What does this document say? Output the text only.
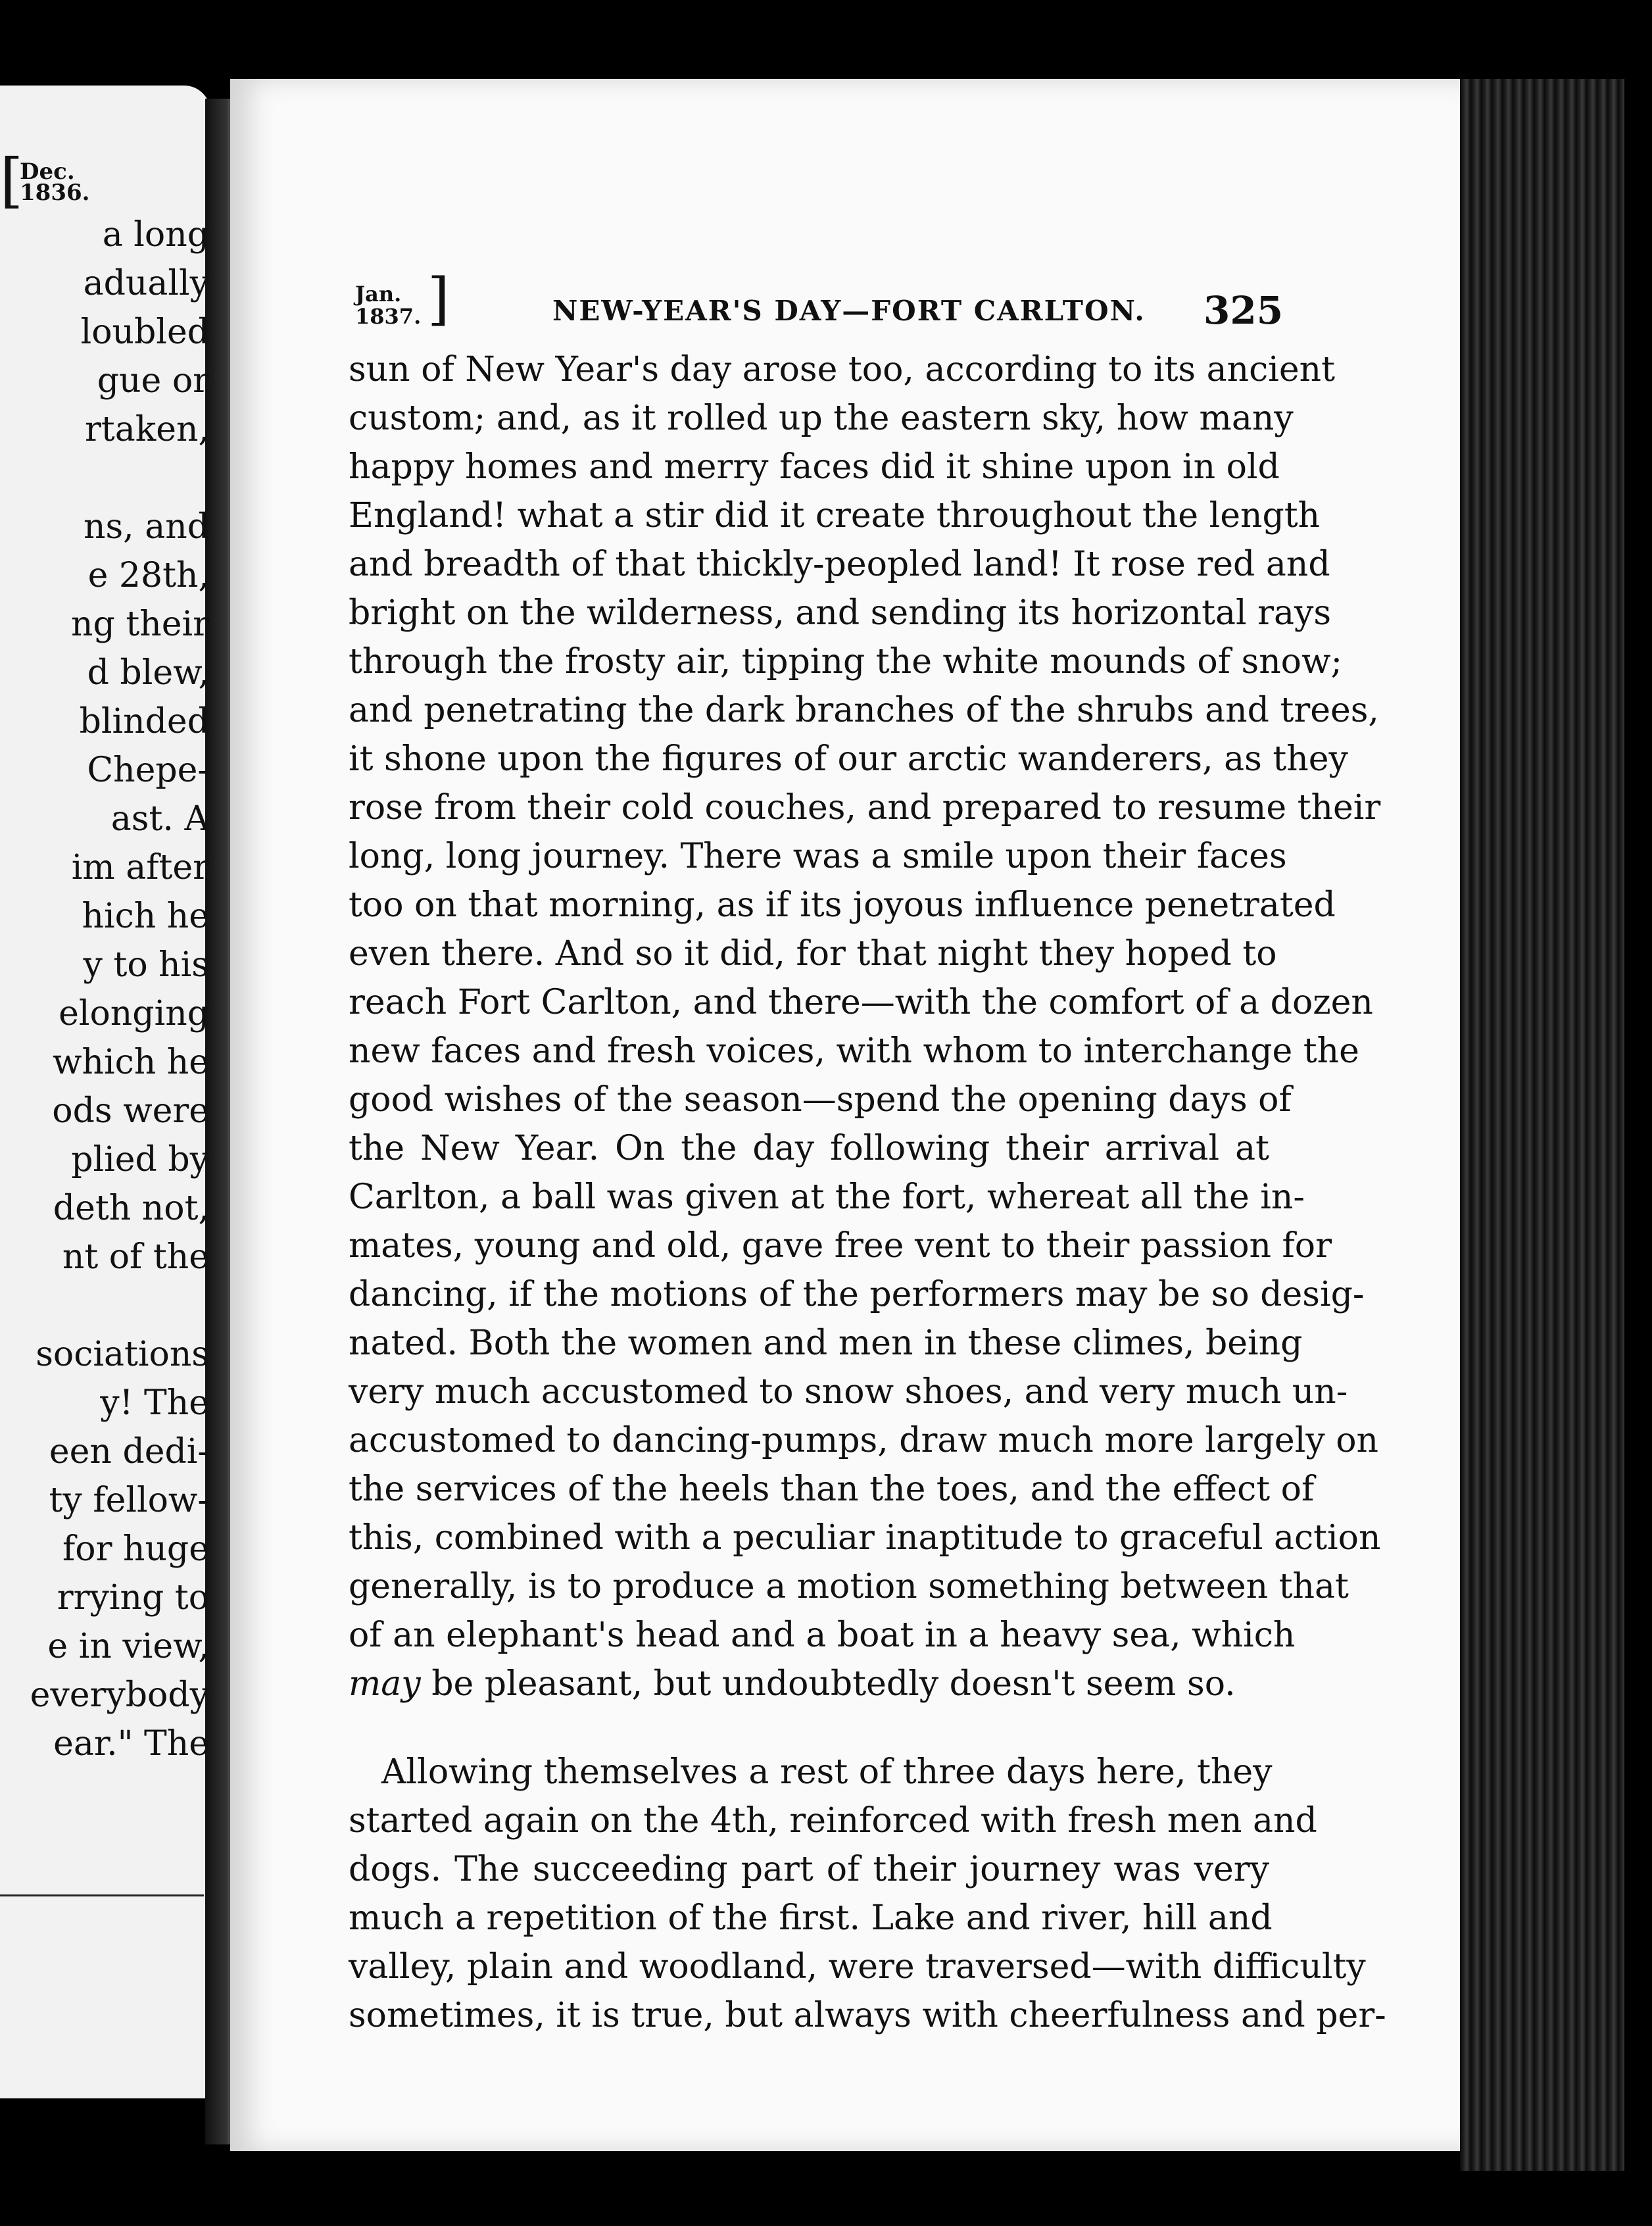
[
Dec.
1836.
a long
adually
loubled
gue or
rtaken,
ns, and
e 28th,
ng their
d blew,
blinded
Chepe-
ast. A
im after
hich he
y to his
elonging
which he
ods were
plied by
deth not,
nt of the
sociations
y! The
een dedi-
ty fellow-
for huge
rrying to
e in view,
everybody
ear." The
Jan.
1837. ]	NEW-YEAR'S DAY—FORT CARLTON. 325
sun of New Year's day arose too, according to its ancient
custom; and, as it rolled up the eastern sky, how many
happy homes and merry faces did it shine upon in old
England! what a stir did it create throughout the length
and breadth of that thickly-peopled land! It rose red and
bright on the wilderness, and sending its horizontal rays
through the frosty air, tipping the white mounds of snow;
and penetrating the dark branches of the shrubs and trees,
it shone upon the figures of our arctic wanderers, as they
rose from their cold couches, and prepared to resume their
long, long journey. There was a smile upon their faces
too on that morning, as if its joyous influence penetrated
even there. And so it did, for that night they hoped to
reach Fort Carlton, and there—with the comfort of a dozen
new faces and fresh voices, with whom to interchange the
good wishes of the season—spend the opening days of
the New Year. On the day following their arrival at
Carlton, a ball was given at the fort, whereat all the in-
mates, young and old, gave free vent to their passion for
dancing, if the motions of the performers may be so desig-
nated. Both the women and men in these climes, being
very much accustomed to snow shoes, and very much un-
accustomed to dancing-pumps, draw much more largely on
the services of the heels than the toes, and the effect of
this, combined with a peculiar inaptitude to graceful action
generally, is to produce a motion something between that
of an elephant's head and a boat in a heavy sea, which
may be pleasant, but undoubtedly doesn't seem so.
Allowing themselves a rest of three days here, they
started again on the 4th, reinforced with fresh men and
dogs. The succeeding part of their journey was very
much a repetition of the first. Lake and river, hill and
valley, plain and woodland, were traversed—with difficulty
sometimes, it is true, but always with cheerfulness and per-
